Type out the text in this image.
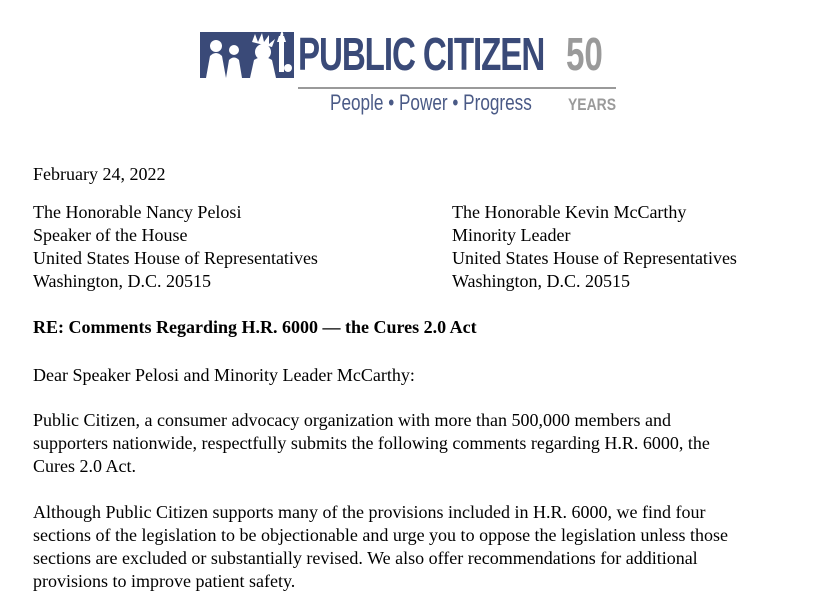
PUBLIC CITIZEN 50
People • Power • Progress YEARS
February 24, 2022
The Honorable Nancy Pelosi
Speaker of the House
United States House of Representatives
Washington, D.C. 20515
The Honorable Kevin McCarthy
Minority Leader
United States House of Representatives
Washington, D.C. 20515
RE: Comments Regarding H.R. 6000 — the Cures 2.0 Act
Dear Speaker Pelosi and Minority Leader McCarthy:
Public Citizen, a consumer advocacy organization with more than 500,000 members and
supporters nationwide, respectfully submits the following comments regarding H.R. 6000, the
Cures 2.0 Act.
Although Public Citizen supports many of the provisions included in H.R. 6000, we find four
sections of the legislation to be objectionable and urge you to oppose the legislation unless those
sections are excluded or substantially revised. We also offer recommendations for additional
provisions to improve patient safety.
